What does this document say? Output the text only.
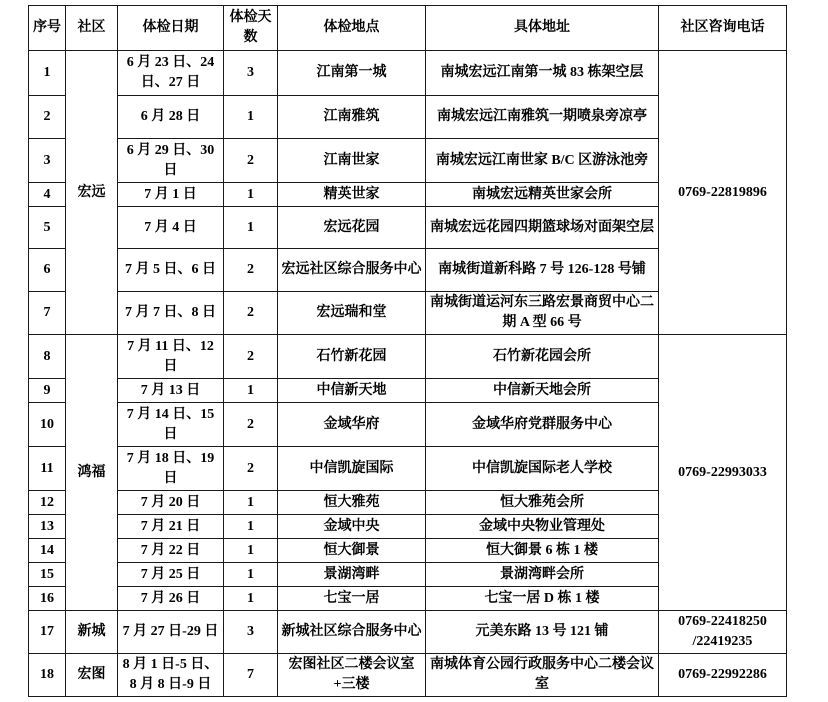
序号	社区	体检日期	体检天数	体检地点	具体地址	社区咨询电话
1	宏远	6 月 23 日、24 日、27 日	3	江南第一城	南城宏远江南第一城 83 栋架空层	0769-22819896
2		6 月 28 日	1	江南雅筑	南城宏远江南雅筑一期喷泉旁凉亭	
3		6 月 29 日、30 日	2	江南世家	南城宏远江南世家 B/C 区游泳池旁	
4		7 月 1 日	1	精英世家	南城宏远精英世家会所	
5		7 月 4 日	1	宏远花园	南城宏远花园四期篮球场对面架空层	
6		7 月 5 日、6 日	2	宏远社区综合服务中心	南城街道新科路 7 号 126-128 号铺	
7		7 月 7 日、8 日	2	宏远瑞和堂	南城街道运河东三路宏景商贸中心二期 A 型 66 号	
8	鸿福	7 月 11 日、12 日	2	石竹新花园	石竹新花园会所	0769-22993033
9		7 月 13 日	1	中信新天地	中信新天地会所	
10		7 月 14 日、15 日	2	金域华府	金域华府党群服务中心	
11		7 月 18 日、19 日	2	中信凯旋国际	中信凯旋国际老人学校	
12		7 月 20 日	1	恒大雅苑	恒大雅苑会所	
13		7 月 21 日	1	金域中央	金域中央物业管理处	
14		7 月 22 日	1	恒大御景	恒大御景 6 栋 1 楼	
15		7 月 25 日	1	景湖湾畔	景湖湾畔会所	
16		7 月 26 日	1	七宝一居	七宝一居 D 栋 1 楼	
17	新城	7 月 27 日-29 日	3	新城社区综合服务中心	元美东路 13 号 121 铺	0769-22418250 /22419235
18	宏图	8 月 1 日-5 日、 8 月 8 日-9 日	7	宏图社区二楼会议室+三楼	南城体育公园行政服务中心二楼会议室	0769-22992286
